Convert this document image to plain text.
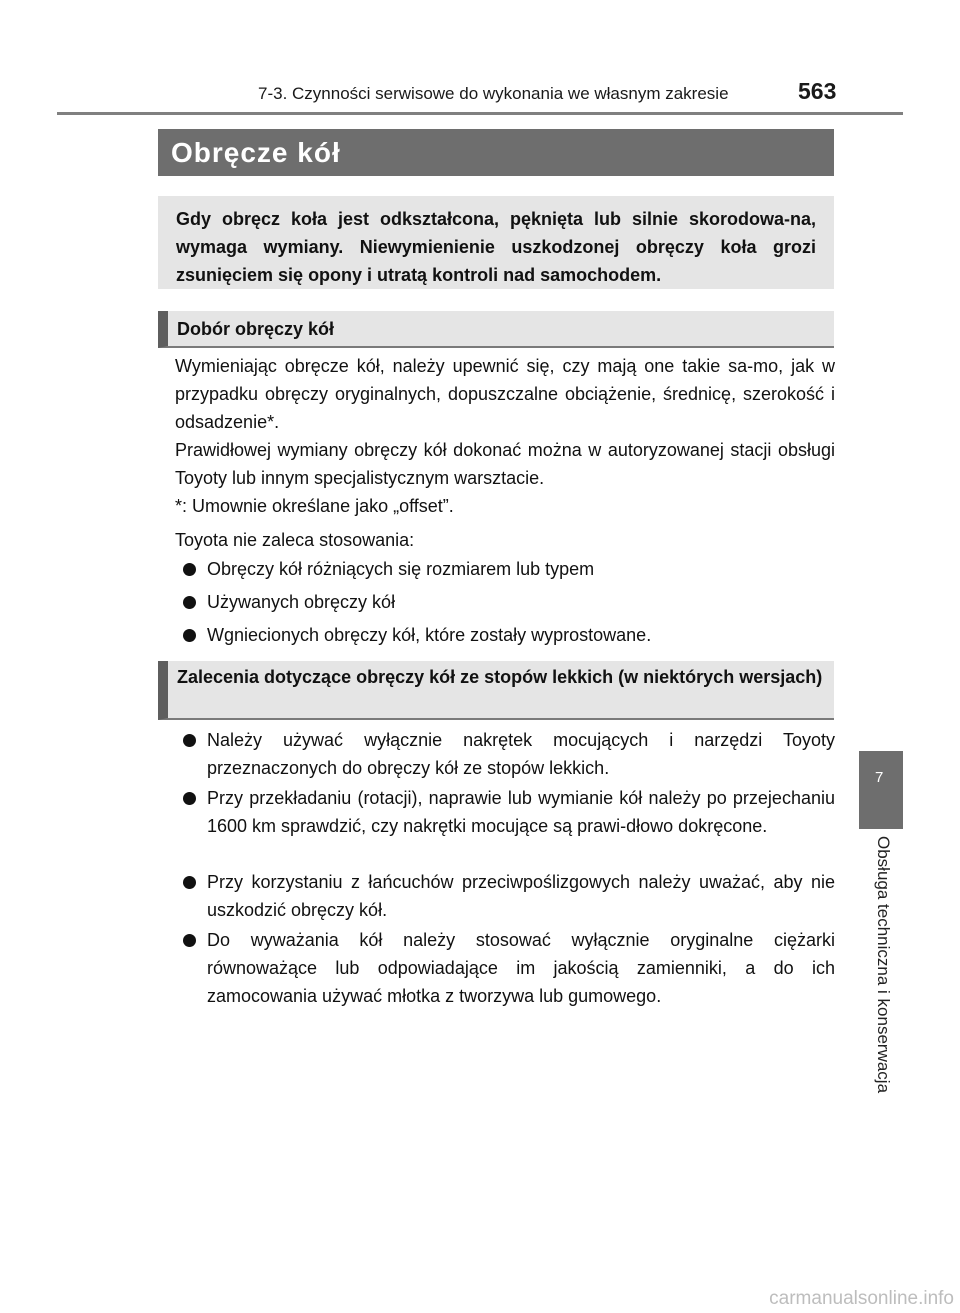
7-3. Czynności serwisowe do wykonania we własnym zakresie	563
Obręcze kół
Gdy obręcz koła jest odkształcona, pęknięta lub silnie skorodowa-na, wymaga wymiany. Niewymienienie uszkodzonej obręczy koła grozi zsunięciem się opony i utratą kontroli nad samochodem.
Dobór obręczy kół
Wymieniając obręcze kół, należy upewnić się, czy mają one takie sa-mo, jak w przypadku obręczy oryginalnych, dopuszczalne obciążenie, średnicę, szerokość i odsadzenie*.
Prawidłowej wymiany obręczy kół dokonać można w autoryzowanej stacji obsługi Toyoty lub innym specjalistycznym warsztacie.
*: Umownie określane jako „offset”.
Toyota nie zaleca stosowania:
Obręczy kół różniących się rozmiarem lub typem
Używanych obręczy kół
Wgniecionych obręczy kół, które zostały wyprostowane.
Zalecenia dotyczące obręczy kół ze stopów lekkich (w niektórych wersjach)
Należy używać wyłącznie nakrętek mocujących i narzędzi Toyoty przeznaczonych do obręczy kół ze stopów lekkich.
Przy przekładaniu (rotacji), naprawie lub wymianie kół należy po przejechaniu 1600 km sprawdzić, czy nakrętki mocujące są prawi-dłowo dokręcone.
Przy korzystaniu z łańcuchów przeciwpoślizgowych należy uważać, aby nie uszkodzić obręczy kół.
Do wyważania kół należy stosować wyłącznie oryginalne ciężarki równoważące lub odpowiadające im jakością zamienniki, a do ich zamocowania używać młotka z tworzywa lub gumowego.
7
Obsługa techniczna i konserwacja
carmanualsonline.info
